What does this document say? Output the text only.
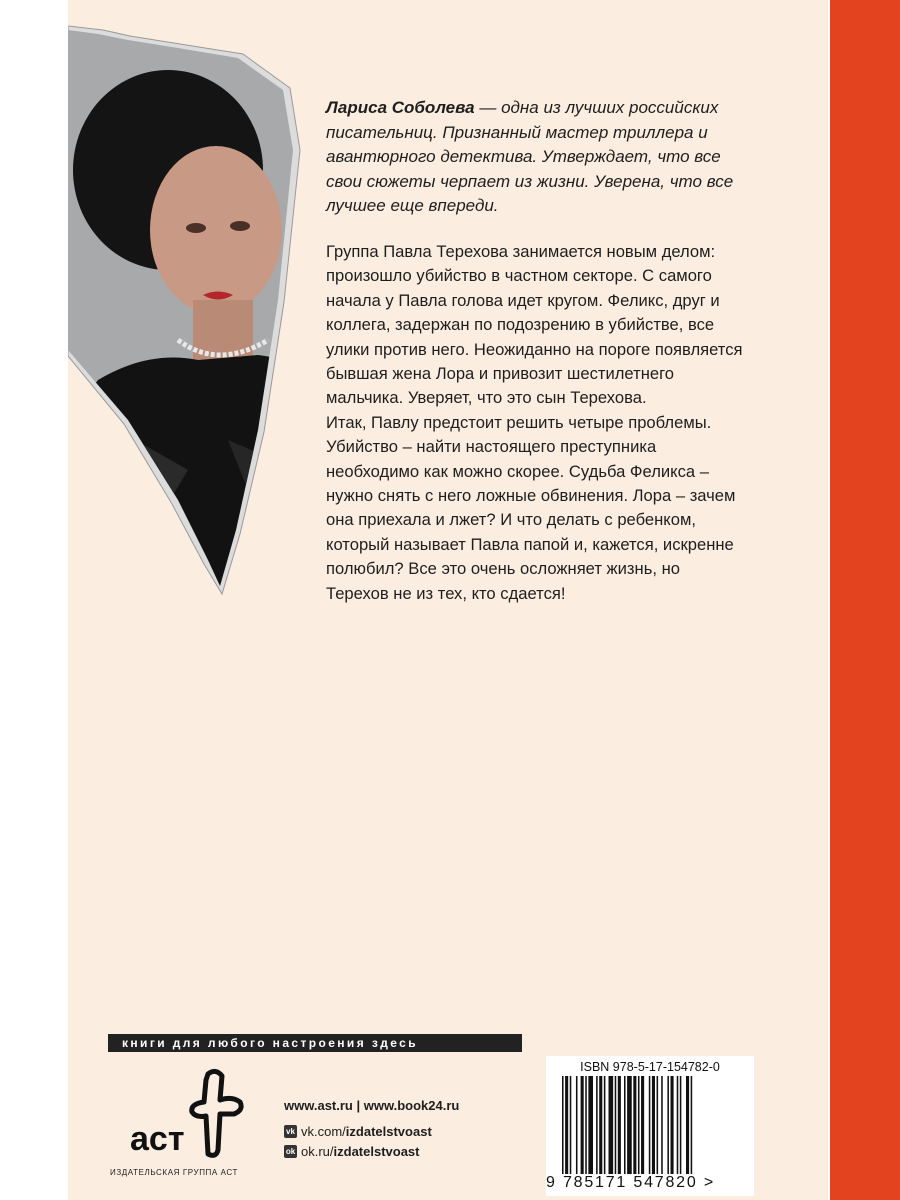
Лариса Соболева — одна из лучших российских писательниц. Признанный мастер триллера и авантюрного детектива. Утверждает, что все свои сюжеты черпает из жизни. Уверена, что все лучшее еще впереди.

Группа Павла Терехова занимается новым делом: произошло убийство в частном секторе. С самого начала у Павла голова идет кругом. Феликс, друг и коллега, задержан по подозрению в убийстве, все улики против него. Неожиданно на пороге появляется бывшая жена Лора и привозит шестилетнего мальчика. Уверяет, что это сын Терехова.
Итак, Павлу предстоит решить четыре проблемы. Убийство – найти настоящего преступника необходимо как можно скорее. Судьба Феликса – нужно снять с него ложные обвинения. Лора – зачем она приехала и лжет? И что делать с ребенком, который называет Павла папой и, кажется, искренне полюбил? Все это очень осложняет жизнь, но Терехов не из тех, кто сдается!
книги для любого настроения здесь
аст
ИЗДАТЕЛЬСКАЯ ГРУППА АСТ
www.ast.ru | www.book24.ru
vk vk.com/ izdatelstvoast
ok ok.ru/ izdatelstvoast
ISBN 978-5-17-154782-0
9 785171 547820 >
